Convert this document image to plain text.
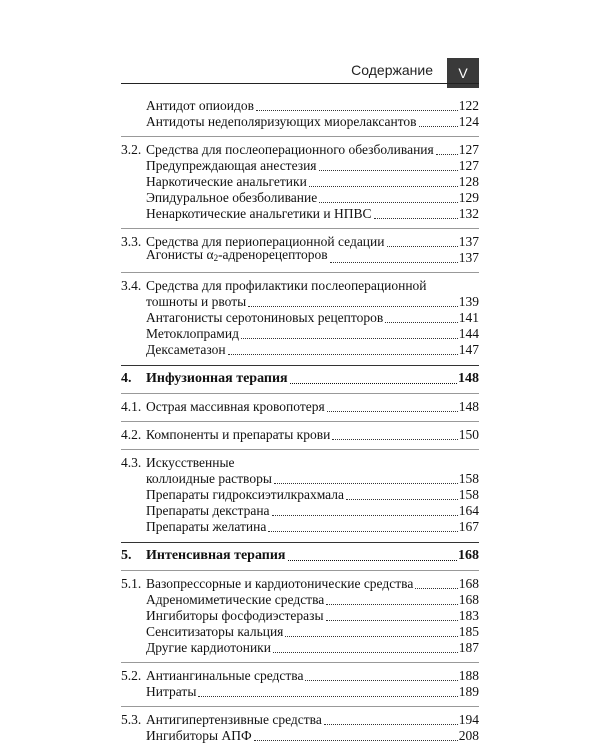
Содержание	V
Антидот опиоидов	122
Антидоты недеполяризующих миорелаксантов	124
3.2. Средства для послеоперационного обезболивания 127
Предупреждающая анестезия	127
Наркотические анальгетики	128
Эпидуральное обезболивание	129
Ненаркотические анальгетики и НПВС	132
3.3. Средства для периоперационной седации	137
Агонисты $\alpha_2$-адренорецепторов	137
3.4. Средства для профилактики послеоперационной
тошноты и рвоты	139
Антагонисты серотониновых рецепторов	141
Метоклопрамид	144
Дексаметазон	147
4.	Инфузионная терапия	148
4.1. Острая массивная кровопотеря	148
4.2. Компоненты и препараты крови	150
4.3. Искусственные
коллоидные растворы	158
Препараты гидроксиэтилкрахмала	158
Препараты декстрана	164
Препараты желатина	167
5.	Интенсивная терапия	168
5.1. Вазопрессорные и кардиотонические средства	168
Адреномиметические средства	168
Ингибиторы фосфодиэстеразы	183
Сенситизаторы кальция	185
Другие кардиотоники	187
5.2. Антиангинальные средства	188
Нитраты	189
5.3. Антигипертензивные средства	194
Ингибиторы АПФ	208
